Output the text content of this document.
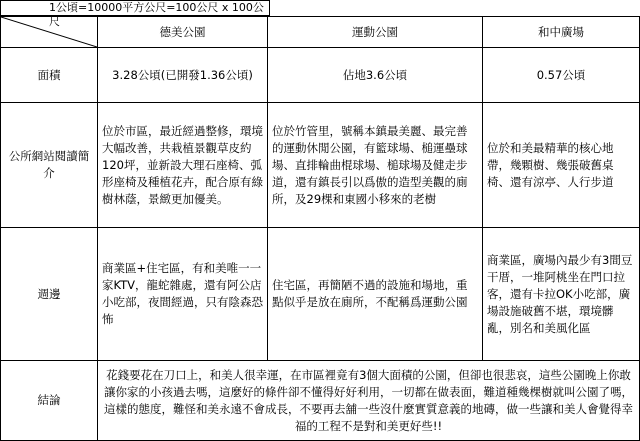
1公頃=10000平方公尺=100公尺 x 100公尺
	德美公園	運動公園	和中廣場
面積	3.28公頃(已開發1.36公頃)	佔地3.6公頃	0.57公頃
公所網站閱讀簡介	位於市區，最近經過整修，環境大幅改善，共栽植景觀草皮約120坪，並新設大理石座椅、弧形座椅及種植花卉，配合原有綠樹林蔭，景緻更加優美。	位於竹管里，號稱本鎮最美麗、最完善的運動休閒公園，有籃球場、槌運壘球場、直排輪曲棍球場、槌球場及健走步道，還有鎮長引以爲傲的造型美觀的廁所，及29棵和東國小移來的老樹	位於和美最精華的核心地帶，幾顆樹、幾張破舊桌椅、還有涼亭、人行步道
週邊	商業區+住宅區，有和美唯一一家KTV，龍蛇雜處，還有阿公店小吃部，夜間經過，只有陰森恐怖	住宅區，再簡陋不過的設施和場地，重點似乎是放在廁所，不配稱爲運動公園	商業區，廣場內最少有3間豆干厝，一堆阿桃坐在門口拉客，還有卡拉OK小吃部，廣場設施破舊不堪，環境髒亂，別名和美風化區
結論	花錢要花在刀口上，和美人很幸運，在市區裡竟有3個大面積的公園，但卻也很悲哀，這些公園晚上你敢讓你家的小孩過去嗎，這麼好的條件卻不懂得好好利用，一切都在做表面，難道種幾棵樹就叫公園了嗎，這樣的態度，難怪和美永遠不會成長，不要再去舖一些沒什麼實質意義的地磚，做一些讓和美人會覺得幸福的工程不是對和美更好些!!		
